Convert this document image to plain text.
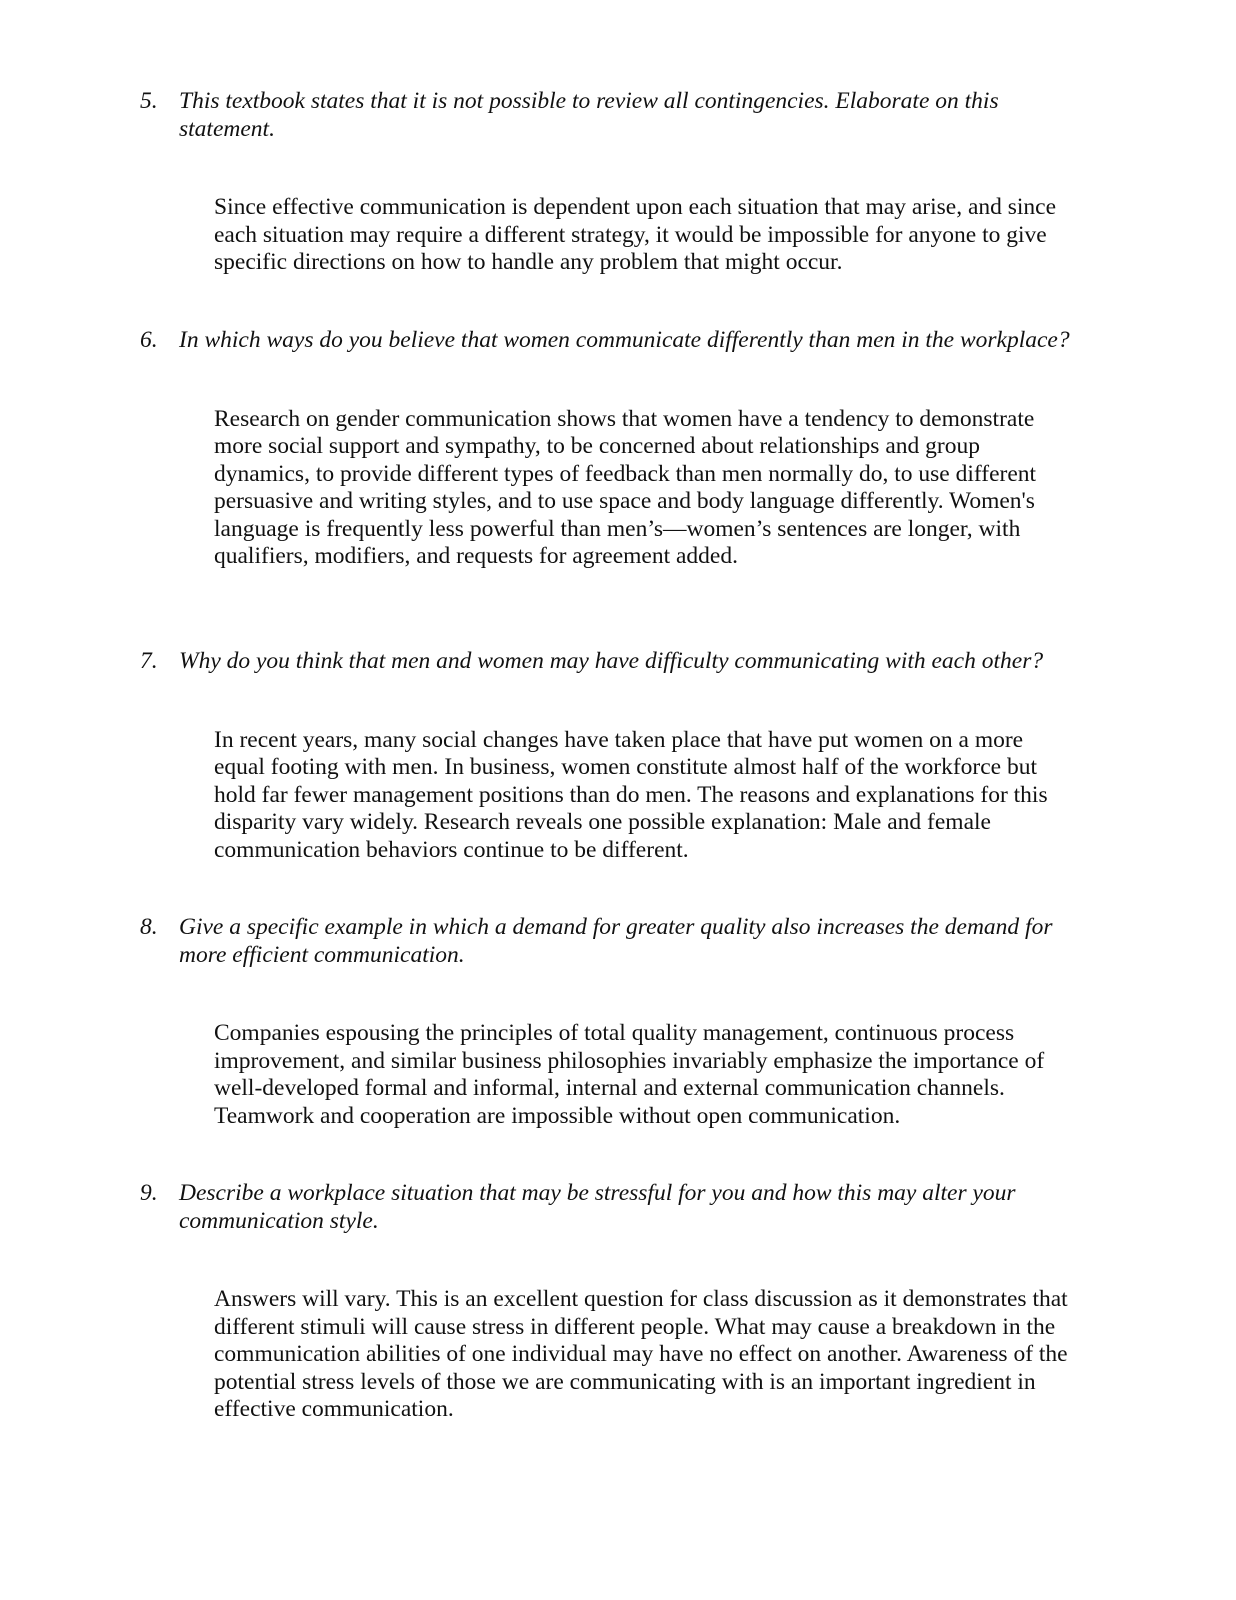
5. This textbook states that it is not possible to review all contingencies. Elaborate on this statement.

Since effective communication is dependent upon each situation that may arise, and since each situation may require a different strategy, it would be impossible for anyone to give specific directions on how to handle any problem that might occur.

6. In which ways do you believe that women communicate differently than men in the workplace?

Research on gender communication shows that women have a tendency to demonstrate more social support and sympathy, to be concerned about relationships and group dynamics, to provide different types of feedback than men normally do, to use different persuasive and writing styles, and to use space and body language differently. Women's language is frequently less powerful than men’s—women’s sentences are longer, with qualifiers, modifiers, and requests for agreement added.

7. Why do you think that men and women may have difficulty communicating with each other?

In recent years, many social changes have taken place that have put women on a more equal footing with men. In business, women constitute almost half of the workforce but hold far fewer management positions than do men. The reasons and explanations for this disparity vary widely. Research reveals one possible explanation: Male and female communication behaviors continue to be different.

8. Give a specific example in which a demand for greater quality also increases the demand for more efficient communication.

Companies espousing the principles of total quality management, continuous process improvement, and similar business philosophies invariably emphasize the importance of well-developed formal and informal, internal and external communication channels. Teamwork and cooperation are impossible without open communication.

9. Describe a workplace situation that may be stressful for you and how this may alter your communication style.

Answers will vary. This is an excellent question for class discussion as it demonstrates that different stimuli will cause stress in different people. What may cause a breakdown in the communication abilities of one individual may have no effect on another. Awareness of the potential stress levels of those we are communicating with is an important ingredient in effective communication.
